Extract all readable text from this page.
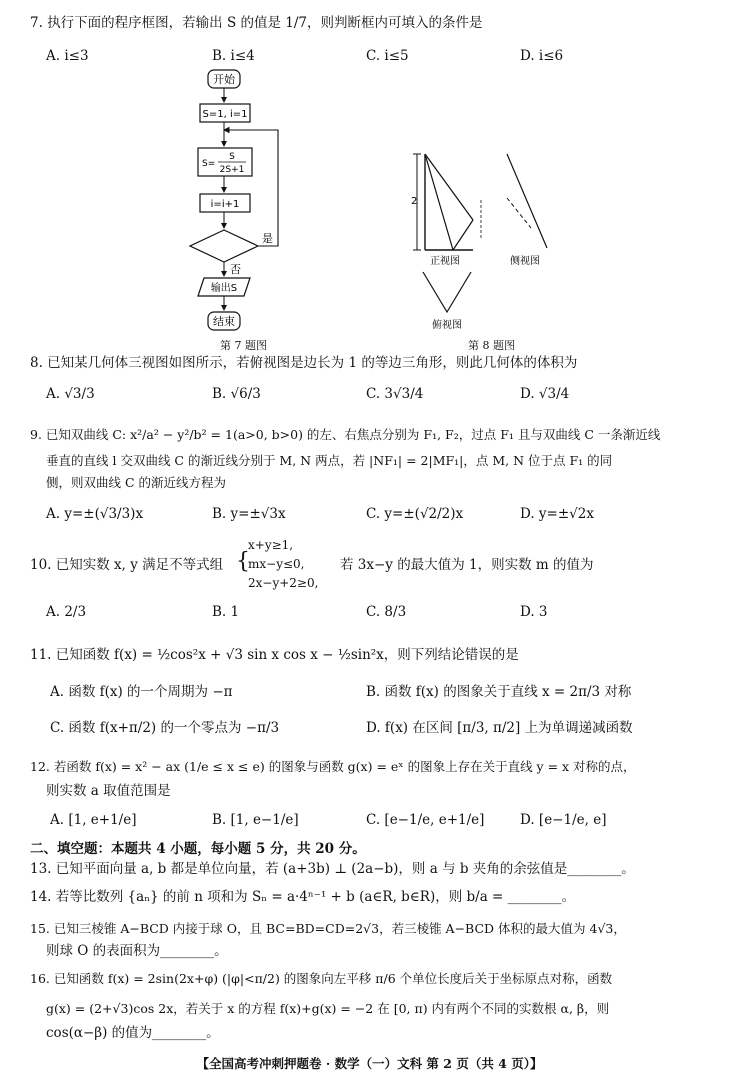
7. 执行下面的程序框图，若输出 S 的值是 1/7，则判断框内可填入的条件是
A. i≤3	B. i≤4	C. i≤5	D. i≤6
开始
S=1, i=1
S=
S
2S+1
i=i+1
是
否
输出S
结束
第 7 题图
2
正视图	侧视图
俯视图
第 8 题图
8. 已知某几何体三视图如图所示，若俯视图是边长为 1 的等边三角形，则此几何体的体积为
A. √3/3	B. √6/3	C. 3√3/4	D. √3/4
9. 已知双曲线 C: x²/a² − y²/b² = 1(a>0, b>0) 的左、右焦点分别为 F₁, F₂，过点 F₁ 且与双曲线 C 一条渐近线
垂直的直线 l 交双曲线 C 的渐近线分别于 M, N 两点，若 |NF₁| = 2|MF₁|，点 M, N 位于点 F₁ 的同
侧，则双曲线 C 的渐近线方程为
A. y=±(√3/3)x	B. y=±√3x	C. y=±(√2/2)x	D. y=±√2x
10. 已知实数 x, y 满足不等式组 {
x+y≥1,
mx−y≤0,
2x−y+2≥0,
若 3x−y 的最大值为 1，则实数 m 的值为
A. 2/3	B. 1	C. 8/3	D. 3
11. 已知函数 f(x) = ½cos²x + √3 sin x cos x − ½sin²x，则下列结论错误的是
A. 函数 f(x) 的一个周期为 −π	B. 函数 f(x) 的图象关于直线 x = 2π/3 对称
C. 函数 f(x+π/2) 的一个零点为 −π/3	D. f(x) 在区间 [π/3, π/2] 上为单调递减函数
12. 若函数 f(x) = x² − ax (1/e ≤ x ≤ e) 的图象与函数 g(x) = eˣ 的图象上存在关于直线 y = x 对称的点，
则实数 a 取值范围是
A. [1, e+1/e]	B. [1, e−1/e]	C. [e−1/e, e+1/e]	D. [e−1/e, e]
二、填空题：本题共 4 小题，每小题 5 分，共 20 分。
13. 已知平面向量 a, b 都是单位向量，若 (a+3b) ⊥ (2a−b)，则 a 与 b 夹角的余弦值是________。
14. 若等比数列 {aₙ} 的前 n 项和为 Sₙ = a·4ⁿ⁻¹ + b (a∈R, b∈R)，则 b/a = ________。
15. 已知三棱锥 A−BCD 内接于球 O，且 BC=BD=CD=2√3，若三棱锥 A−BCD 体积的最大值为 4√3，
则球 O 的表面积为________。
16. 已知函数 f(x) = 2sin(2x+φ) (|φ|<π/2) 的图象向左平移 π/6 个单位长度后关于坐标原点对称，函数
g(x) = (2+√3)cos 2x，若关于 x 的方程 f(x)+g(x) = −2 在 [0, π) 内有两个不同的实数根 α, β，则
cos(α−β) 的值为________。
【全国高考冲刺押题卷 · 数学（一）文科 第 2 页（共 4 页）】
